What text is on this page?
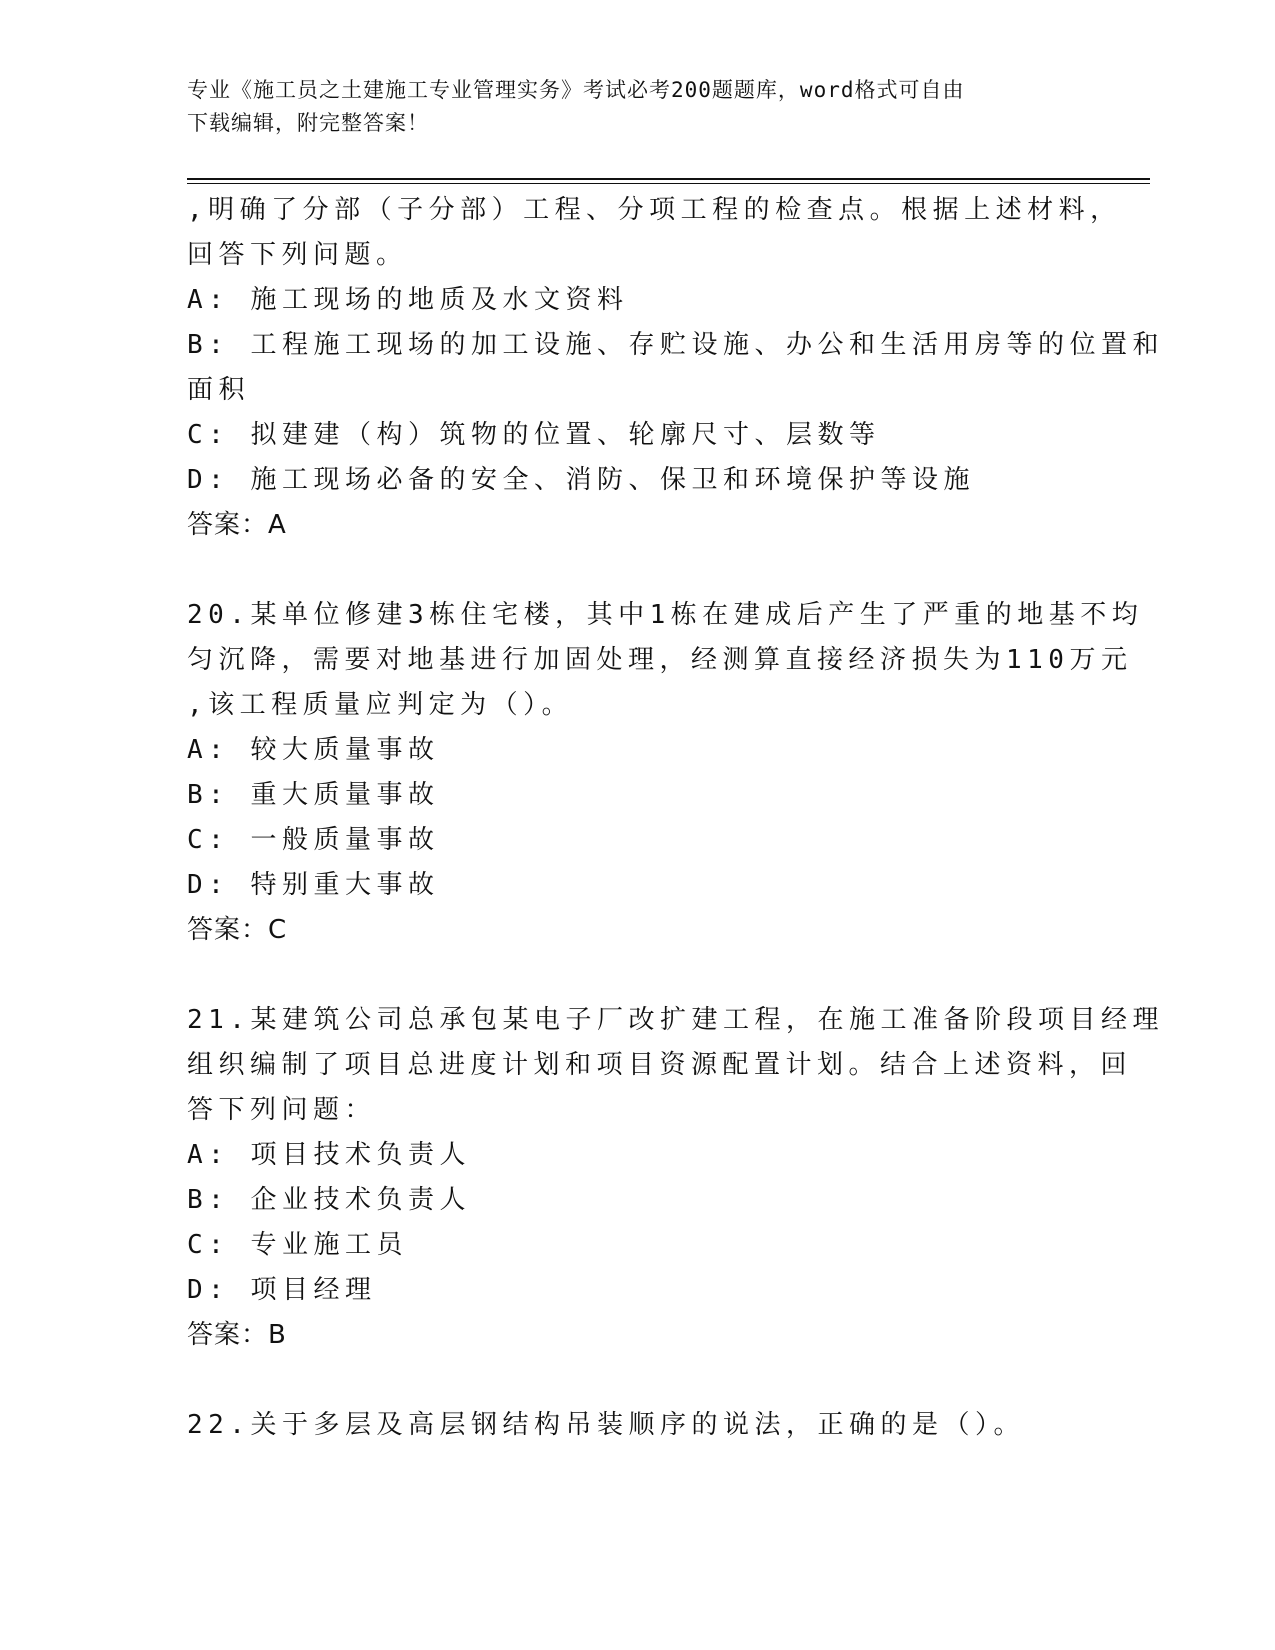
专业《施工员之土建施工专业管理实务》考试必考200题题库，word格式可自由
下载编辑，附完整答案！
,明确了分部（子分部）工程、分项工程的检查点。根据上述材料，
回答下列问题。
A: 施工现场的地质及水文资料
B: 工程施工现场的加工设施、存贮设施、办公和生活用房等的位置和
面积
C: 拟建建（构）筑物的位置、轮廓尺寸、层数等
D: 施工现场必备的安全、消防、保卫和环境保护等设施
答案：A
20.某单位修建3栋住宅楼，其中1栋在建成后产生了严重的地基不均
匀沉降，需要对地基进行加固处理，经测算直接经济损失为110万元
,该工程质量应判定为（）。
A: 较大质量事故
B: 重大质量事故
C: 一般质量事故
D: 特别重大事故
答案：C
21.某建筑公司总承包某电子厂改扩建工程，在施工准备阶段项目经理
组织编制了项目总进度计划和项目资源配置计划。结合上述资料，回
答下列问题：
A: 项目技术负责人
B: 企业技术负责人
C: 专业施工员
D: 项目经理
答案：B
22.关于多层及高层钢结构吊装顺序的说法，正确的是（）。
